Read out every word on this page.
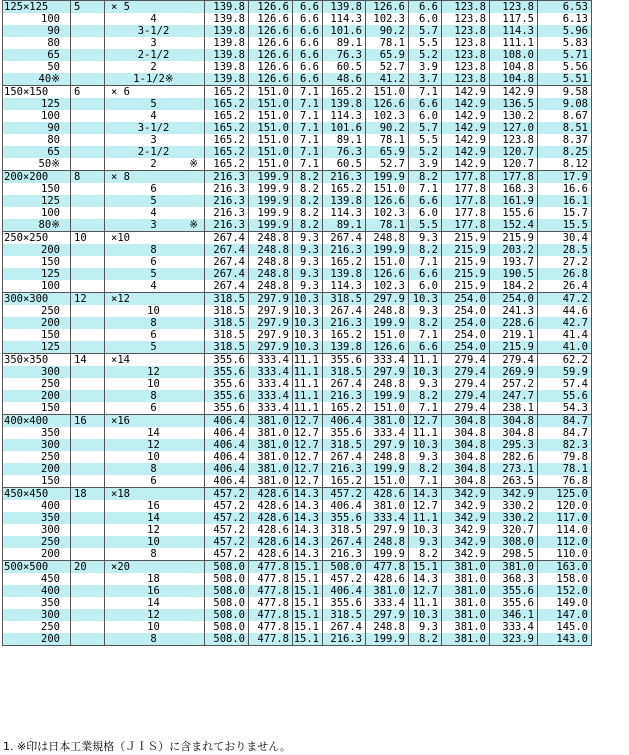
125×125	5	× 5	139.8	126.6	6.6	139.8	126.6	6.6	123.8	123.8	6.53
100		4	139.8	126.6	6.6	114.3	102.3	6.0	123.8	117.5	6.13
90		3-1/2	139.8	126.6	6.6	101.6	90.2	5.7	123.8	114.3	5.96
80		3	139.8	126.6	6.6	89.1	78.1	5.5	123.8	111.1	5.83
65		2-1/2	139.8	126.6	6.6	76.3	65.9	5.2	123.8	108.0	5.71
50		2	139.8	126.6	6.6	60.5	52.7	3.9	123.8	104.8	5.56
40※		1-1/2※	139.8	126.6	6.6	48.6	41.2	3.7	123.8	104.8	5.51
150×150	6	× 6	165.2	151.0	7.1	165.2	151.0	7.1	142.9	142.9	9.58
125		5	165.2	151.0	7.1	139.8	126.6	6.6	142.9	136.5	9.08
100		4	165.2	151.0	7.1	114.3	102.3	6.0	142.9	130.2	8.67
90		3-1/2	165.2	151.0	7.1	101.6	90.2	5.7	142.9	127.0	8.51
80		3	165.2	151.0	7.1	89.1	78.1	5.5	142.9	123.8	8.37
65		2-1/2	165.2	151.0	7.1	76.3	65.9	5.2	142.9	120.7	8.25
50※		2 ※	165.2	151.0	7.1	60.5	52.7	3.9	142.9	120.7	8.12
200×200	8	× 8	216.3	199.9	8.2	216.3	199.9	8.2	177.8	177.8	17.9
150		6	216.3	199.9	8.2	165.2	151.0	7.1	177.8	168.3	16.6
125		5	216.3	199.9	8.2	139.8	126.6	6.6	177.8	161.9	16.1
100		4	216.3	199.9	8.2	114.3	102.3	6.0	177.8	155.6	15.7
80※		3 ※	216.3	199.9	8.2	89.1	78.1	5.5	177.8	152.4	15.5
250×250	10	×10	267.4	248.8	9.3	267.4	248.8	9.3	215.9	215.9	30.4
200		8	267.4	248.8	9.3	216.3	199.9	8.2	215.9	203.2	28.5
150		6	267.4	248.8	9.3	165.2	151.0	7.1	215.9	193.7	27.2
125		5	267.4	248.8	9.3	139.8	126.6	6.6	215.9	190.5	26.8
100		4	267.4	248.8	9.3	114.3	102.3	6.0	215.9	184.2	26.4
300×300	12	×12	318.5	297.9	10.3	318.5	297.9	10.3	254.0	254.0	47.2
250		10	318.5	297.9	10.3	267.4	248.8	9.3	254.0	241.3	44.6
200		8	318.5	297.9	10.3	216.3	199.9	8.2	254.0	228.6	42.7
150		6	318.5	297.9	10.3	165.2	151.0	7.1	254.0	219.1	41.4
125		5	318.5	297.9	10.3	139.8	126.6	6.6	254.0	215.9	41.0
350×350	14	×14	355.6	333.4	11.1	355.6	333.4	11.1	279.4	279.4	62.2
300		12	355.6	333.4	11.1	318.5	297.9	10.3	279.4	269.9	59.9
250		10	355.6	333.4	11.1	267.4	248.8	9.3	279.4	257.2	57.4
200		8	355.6	333.4	11.1	216.3	199.9	8.2	279.4	247.7	55.6
150		6	355.6	333.4	11.1	165.2	151.0	7.1	279.4	238.1	54.3
400×400	16	×16	406.4	381.0	12.7	406.4	381.0	12.7	304.8	304.8	84.7
350		14	406.4	381.0	12.7	355.6	333.4	11.1	304.8	304.8	84.7
300		12	406.4	381.0	12.7	318.5	297.9	10.3	304.8	295.3	82.3
250		10	406.4	381.0	12.7	267.4	248.8	9.3	304.8	282.6	79.8
200		8	406.4	381.0	12.7	216.3	199.9	8.2	304.8	273.1	78.1
150		6	406.4	381.0	12.7	165.2	151.0	7.1	304.8	263.5	76.8
450×450	18	×18	457.2	428.6	14.3	457.2	428.6	14.3	342.9	342.9	125.0
400		16	457.2	428.6	14.3	406.4	381.0	12.7	342.9	330.2	120.0
350		14	457.2	428.6	14.3	355.6	333.4	11.1	342.9	330.2	117.0
300		12	457.2	428.6	14.3	318.5	297.9	10.3	342.9	320.7	114.0
250		10	457.2	428.6	14.3	267.4	248.8	9.3	342.9	308.0	112.0
200		8	457.2	428.6	14.3	216.3	199.9	8.2	342.9	298.5	110.0
500×500	20	×20	508.0	477.8	15.1	508.0	477.8	15.1	381.0	381.0	163.0
450		18	508.0	477.8	15.1	457.2	428.6	14.3	381.0	368.3	158.0
400		16	508.0	477.8	15.1	406.4	381.0	12.7	381.0	355.6	152.0
350		14	508.0	477.8	15.1	355.6	333.4	11.1	381.0	355.6	149.0
300		12	508.0	477.8	15.1	318.5	297.9	10.3	381.0	346.1	147.0
250		10	508.0	477.8	15.1	267.4	248.8	9.3	381.0	333.4	145.0
200		8	508.0	477.8	15.1	216.3	199.9	8.2	381.0	323.9	143.0
1. ※印は日本工業規格（ＪＩＳ）に含まれておりません。
